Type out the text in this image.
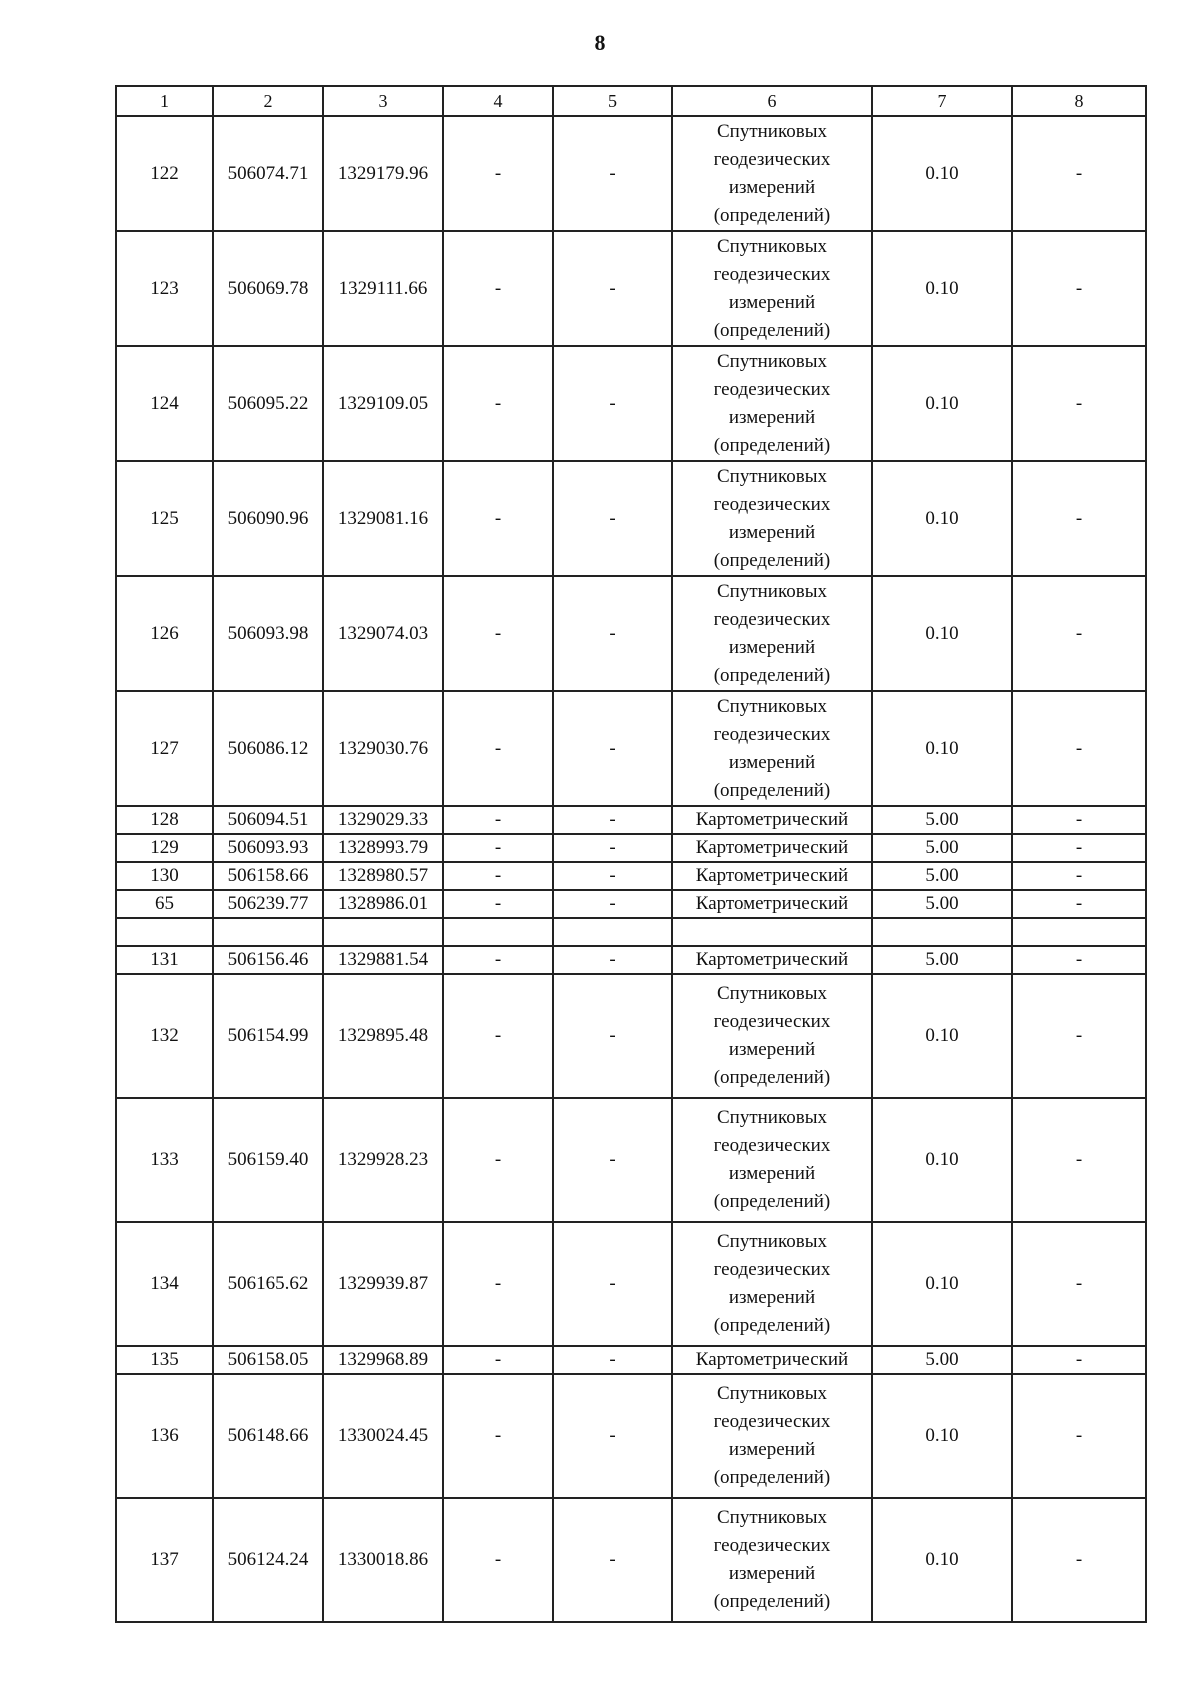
8
1	2	3	4	5	6	7	8
122	506074.71	1329179.96	-	-	Спутниковых геодезических измерений (определений)	0.10	-
123	506069.78	1329111.66	-	-	Спутниковых геодезических измерений (определений)	0.10	-
124	506095.22	1329109.05	-	-	Спутниковых геодезических измерений (определений)	0.10	-
125	506090.96	1329081.16	-	-	Спутниковых геодезических измерений (определений)	0.10	-
126	506093.98	1329074.03	-	-	Спутниковых геодезических измерений (определений)	0.10	-
127	506086.12	1329030.76	-	-	Спутниковых геодезических измерений (определений)	0.10	-
128	506094.51	1329029.33	-	-	Картометрический	5.00	-
129	506093.93	1328993.79	-	-	Картометрический	5.00	-
130	506158.66	1328980.57	-	-	Картометрический	5.00	-
65	506239.77	1328986.01	-	-	Картометрический	5.00	-

131	506156.46	1329881.54	-	-	Картометрический	5.00	-
132	506154.99	1329895.48	-	-	Спутниковых геодезических измерений (определений)	0.10	-
133	506159.40	1329928.23	-	-	Спутниковых геодезических измерений (определений)	0.10	-
134	506165.62	1329939.87	-	-	Спутниковых геодезических измерений (определений)	0.10	-
135	506158.05	1329968.89	-	-	Картометрический	5.00	-
136	506148.66	1330024.45	-	-	Спутниковых геодезических измерений (определений)	0.10	-
137	506124.24	1330018.86	-	-	Спутниковых геодезических измерений (определений)	0.10	-
